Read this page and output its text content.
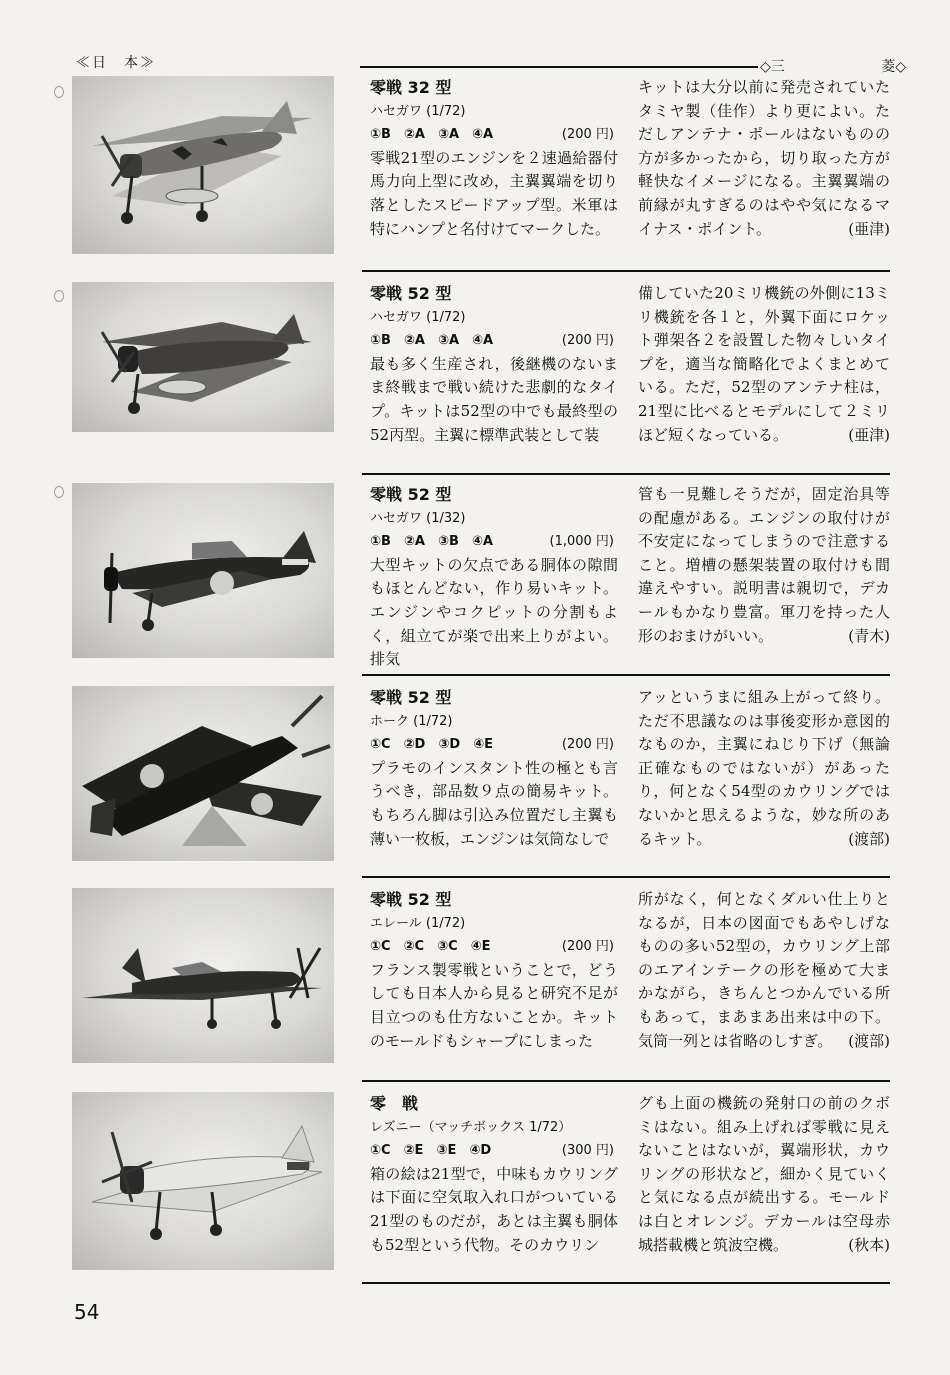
≪日　本≫	◇三	菱◇
零戦 32 型
ハセガワ (1/72)
①B　②A　③A　④A	(200 円)
零戦21型のエンジンを２速過給器付馬力向上型に改め，主翼翼端を切り落としたスピードアップ型。米軍は特にハンプと名付けてマークした。
キットは大分以前に発売されていたタミヤ製（佳作）より更によい。ただしアンテナ・ポールはないものの方が多かったから，切り取った方が軽快なイメージになる。主翼翼端の前縁が丸すぎるのはやや気になるマイナス・ポイント。	(亜津)
零戦 52 型
ハセガワ (1/72)
①B　②A　③A　④A	(200 円)
最も多く生産され，後継機のないまま終戦まで戦い続けた悲劇的なタイプ。キットは52型の中でも最終型の52丙型。主翼に標準武装として装
備していた20ミリ機銃の外側に13ミリ機銃を各１と，外翼下面にロケット弾架各２を設置した物々しいタイプを，適当な簡略化でよくまとめている。ただ，52型のアンテナ柱は，21型に比べるとモデルにして２ミリほど短くなっている。	(亜津)
零戦 52 型
ハセガワ (1/32)
①B　②A　③B　④A	(1,000 円)
大型キットの欠点である胴体の隙間もほとんどない，作り易いキット。エンジンやコクピットの分割もよく，組立てが楽で出来上りがよい。排気
管も一見難しそうだが，固定治具等の配慮がある。エンジンの取付けが不安定になってしまうので注意すること。増槽の懸架装置の取付けも間違えやすい。説明書は親切で，デカールもかなり豊富。軍刀を持った人形のおまけがいい。	(青木)
零戦 52 型
ホーク (1/72)
①C　②D　③D　④E	(200 円)
プラモのインスタント性の極とも言うべき，部品数９点の簡易キット。もちろん脚は引込み位置だし主翼も薄い一枚板，エンジンは気筒なしで
アッというまに組み上がって終り。ただ不思議なのは事後変形か意図的なものか，主翼にねじり下げ（無論正確なものではないが）があったり，何となく54型のカウリングではないかと思えるような，妙な所のあるキット。	(渡部)
零戦 52 型
エレール (1/72)
①C　②C　③C　④E	(200 円)
フランス製零戦ということで，どうしても日本人から見ると研究不足が目立つのも仕方ないことか。キットのモールドもシャープにしまった
所がなく，何となくダルい仕上りとなるが，日本の図面でもあやしげなものの多い52型の，カウリング上部のエアインテークの形を極めて大まかながら，きちんとつかんでいる所もあって，まあまあ出来は中の下。気筒一列とは省略のしすぎ。	(渡部)
零　戦
レズニー（マッチボックス 1/72）
①C　②E　③E　④D	(300 円)
箱の絵は21型で，中味もカウリングは下面に空気取入れ口がついている21型のものだが，あとは主翼も胴体も52型という代物。そのカウリン
グも上面の機銃の発射口の前のクボミはない。組み上げれば零戦に見えないことはないが，翼端形状，カウリングの形状など，細かく見ていくと気になる点が続出する。モールドは白とオレンジ。デカールは空母赤城搭載機と筑波空機。	(秋本)
54
